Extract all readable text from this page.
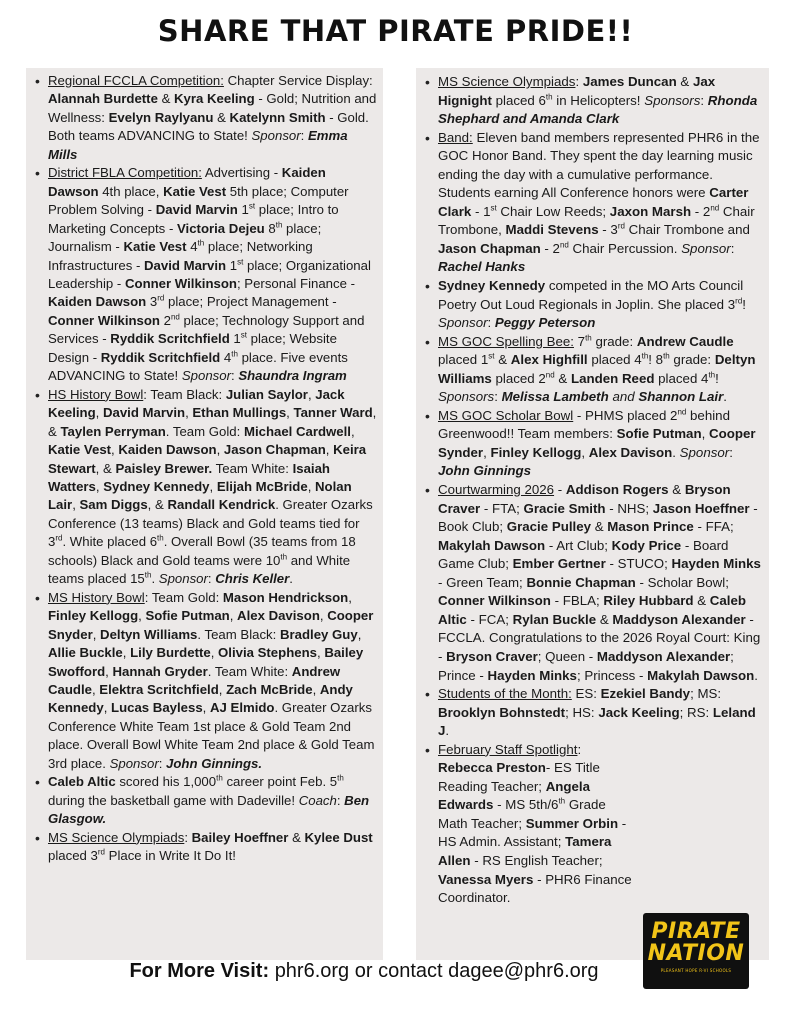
SHARE THAT PIRATE PRIDE!!
• Regional FCCLA Competition: Chapter Service Display: Alannah Burdette & Kyra Keeling - Gold; Nutrition and Wellness: Evelyn Raylyanu & Katelynn Smith - Gold. Both teams ADVANCING to State! Sponsor: Emma Mills
• District FBLA Competition: Advertising - Kaiden Dawson 4th place, Katie Vest 5th place; Computer Problem Solving - David Marvin 1st place; Intro to Marketing Concepts - Victoria Dejeu 8th place; Journalism - Katie Vest 4th place; Networking Infrastructures - David Marvin 1st place; Organizational Leadership - Conner Wilkinson; Personal Finance - Kaiden Dawson 3rd place; Project Management - Conner Wilkinson 2nd place; Technology Support and Services - Ryddik Scritchfield 1st place; Website Design - Ryddik Scritchfield 4th place. Five events ADVANCING to State! Sponsor: Shaundra Ingram
• HS History Bowl: Team Black: Julian Saylor, Jack Keeling, David Marvin, Ethan Mullings, Tanner Ward, & Taylen Perryman. Team Gold: Michael Cardwell, Katie Vest, Kaiden Dawson, Jason Chapman, Keira Stewart, & Paisley Brewer. Team White: Isaiah Watters, Sydney Kennedy, Elijah McBride, Nolan Lair, Sam Diggs, & Randall Kendrick. Greater Ozarks Conference (13 teams) Black and Gold teams tied for 3rd. White placed 6th. Overall Bowl (35 teams from 18 schools) Black and Gold teams were 10th and White teams placed 15th. Sponsor: Chris Keller.
• MS History Bowl: Team Gold: Mason Hendrickson, Finley Kellogg, Sofie Putman, Alex Davison, Cooper Snyder, Deltyn Williams. Team Black: Bradley Guy, Allie Buckle, Lily Burdette, Olivia Stephens, Bailey Swofford, Hannah Gryder. Team White: Andrew Caudle, Elektra Scritchfield, Zach McBride, Andy Kennedy, Lucas Bayless, AJ Elmido. Greater Ozarks Conference White Team 1st place & Gold Team 2nd place. Overall Bowl White Team 2nd place & Gold Team 3rd place. Sponsor: John Ginnings.
• Caleb Altic scored his 1,000th career point Feb. 5th during the basketball game with Dadeville! Coach: Ben Glasgow.
• MS Science Olympiads: Bailey Hoeffner & Kylee Dust placed 3rd Place in Write It Do It!
• MS Science Olympiads: James Duncan & Jax Hignight placed 6th in Helicopters! Sponsors: Rhonda Shephard and Amanda Clark
• Band: Eleven band members represented PHR6 in the GOC Honor Band. They spent the day learning music ending the day with a cumulative performance. Students earning All Conference honors were Carter Clark - 1st Chair Low Reeds; Jaxon Marsh - 2nd Chair Trombone, Maddi Stevens - 3rd Chair Trombone and Jason Chapman - 2nd Chair Percussion. Sponsor: Rachel Hanks
• Sydney Kennedy competed in the MO Arts Council Poetry Out Loud Regionals in Joplin. She placed 3rd! Sponsor: Peggy Peterson
• MS GOC Spelling Bee: 7th grade: Andrew Caudle placed 1st & Alex Highfill placed 4th! 8th grade: Deltyn Williams placed 2nd & Landen Reed placed 4th! Sponsors: Melissa Lambeth and Shannon Lair.
• MS GOC Scholar Bowl - PHMS placed 2nd behind Greenwood!! Team members: Sofie Putman, Cooper Synder, Finley Kellogg, Alex Davison. Sponsor: John Ginnings
• Courtwarming 2026 - Addison Rogers & Bryson Craver - FTA; Gracie Smith - NHS; Jason Hoeffner - Book Club; Gracie Pulley & Mason Prince - FFA; Makylah Dawson - Art Club; Kody Price - Board Game Club; Ember Gertner - STUCO; Hayden Minks - Green Team; Bonnie Chapman - Scholar Bowl; Conner Wilkinson - FBLA; Riley Hubbard & Caleb Altic - FCA; Rylan Buckle & Maddyson Alexander - FCCLA. Congratulations to the 2026 Royal Court: King - Bryson Craver; Queen - Maddyson Alexander; Prince - Hayden Minks; Princess - Makylah Dawson.
• Students of the Month: ES: Ezekiel Bandy; MS: Brooklyn Bohnstedt; HS: Jack Keeling; RS: Leland J.
• February Staff Spotlight: Rebecca Preston- ES Title Reading Teacher; Angela Edwards - MS 5th/6th Grade Math Teacher; Summer Orbin - HS Admin. Assistant; Tamera Allen - RS English Teacher; Vanessa Myers - PHR6 Finance Coordinator.
PIRATE
NATION
PLEASANT HOPE R-VI SCHOOLS
For More Visit: phr6.org or contact dagee@phr6.org
